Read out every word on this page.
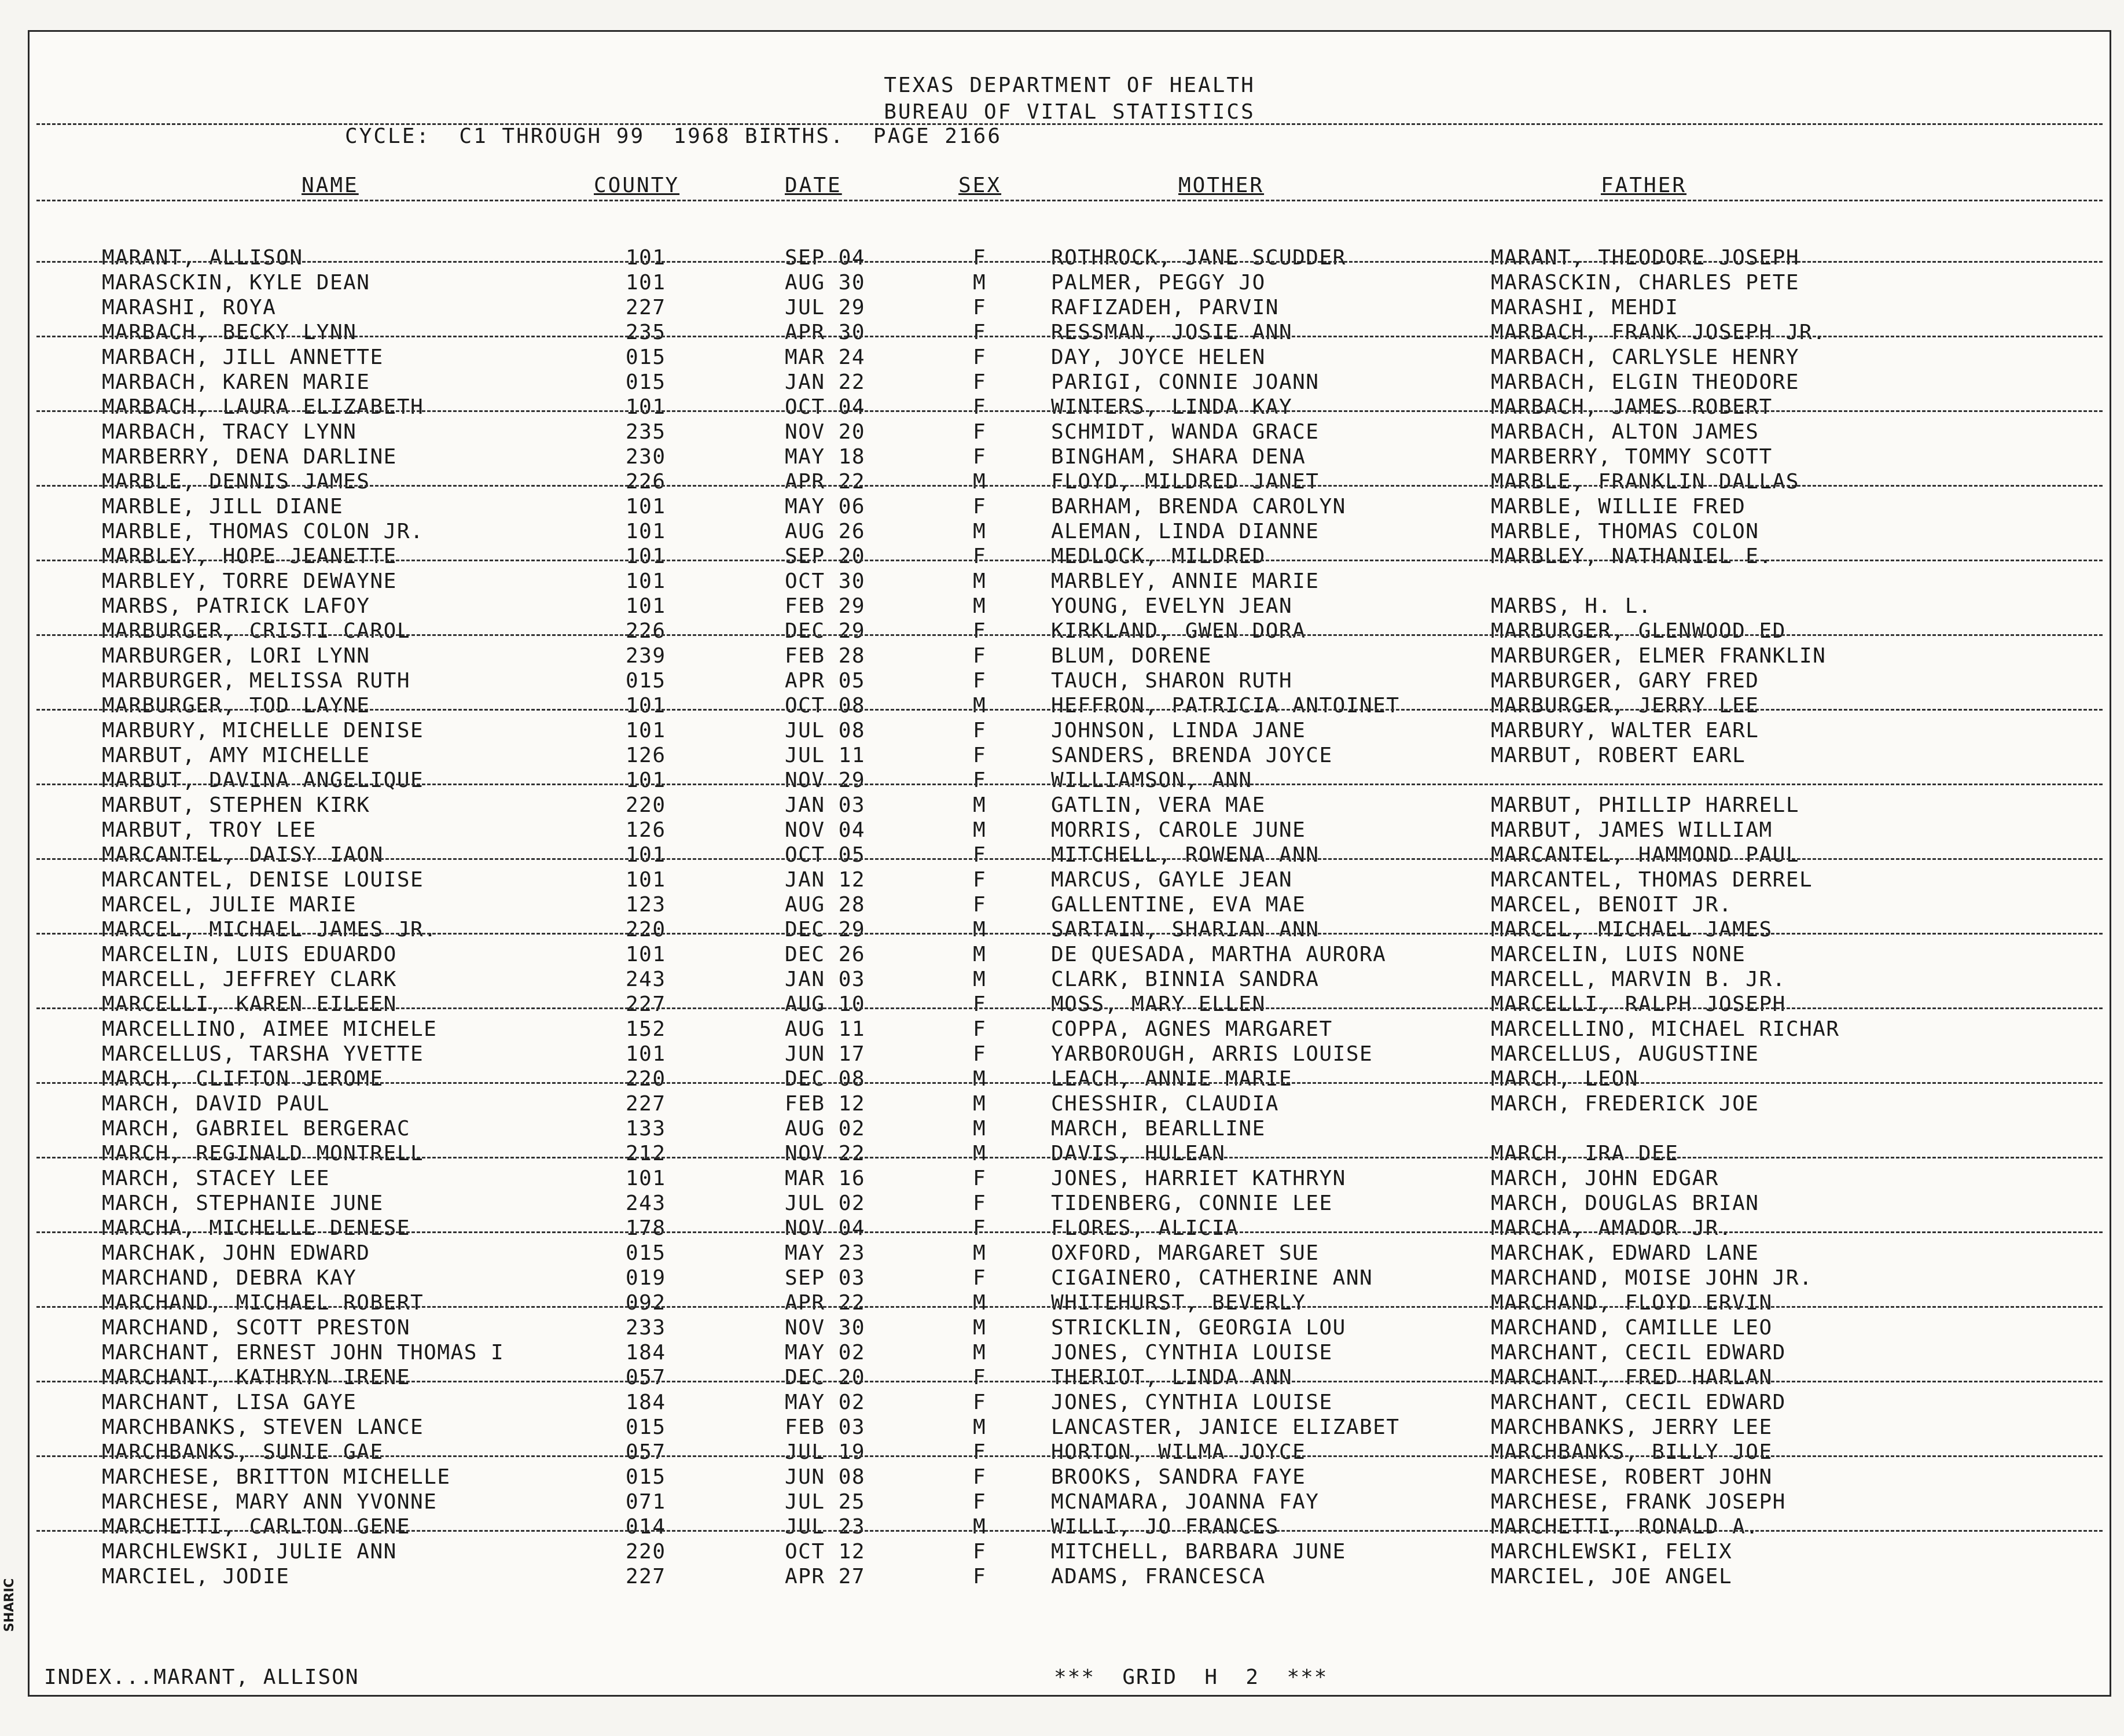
TEXAS DEPARTMENT OF HEALTH
BUREAU OF VITAL STATISTICS
CYCLE:  C1 THROUGH 99  1968 BIRTHS.  PAGE 2166
NAME	COUNTY	DATE	SEX	MOTHER	FATHER
MARANT, ALLISON	101	SEP 04	F	ROTHROCK, JANE SCUDDER	MARANT, THEODORE JOSEPH
MARASCKIN, KYLE DEAN	101	AUG 30	M	PALMER, PEGGY JO	MARASCKIN, CHARLES PETE
MARASHI, ROYA	227	JUL 29	F	RAFIZADEH, PARVIN	MARASHI, MEHDI
MARBACH, BECKY LYNN	235	APR 30	F	RESSMAN, JOSIE ANN	MARBACH, FRANK JOSEPH JR.
MARBACH, JILL ANNETTE	015	MAR 24	F	DAY, JOYCE HELEN	MARBACH, CARLYSLE HENRY
MARBACH, KAREN MARIE	015	JAN 22	F	PARIGI, CONNIE JOANN	MARBACH, ELGIN THEODORE
MARBACH, LAURA ELIZABETH	101	OCT 04	F	WINTERS, LINDA KAY	MARBACH, JAMES ROBERT
MARBACH, TRACY LYNN	235	NOV 20	F	SCHMIDT, WANDA GRACE	MARBACH, ALTON JAMES
MARBERRY, DENA DARLINE	230	MAY 18	F	BINGHAM, SHARA DENA	MARBERRY, TOMMY SCOTT
MARBLE, DENNIS JAMES	226	APR 22	M	FLOYD, MILDRED JANET	MARBLE, FRANKLIN DALLAS
MARBLE, JILL DIANE	101	MAY 06	F	BARHAM, BRENDA CAROLYN	MARBLE, WILLIE FRED
MARBLE, THOMAS COLON JR.	101	AUG 26	M	ALEMAN, LINDA DIANNE	MARBLE, THOMAS COLON
MARBLEY, HOPE JEANETTE	101	SEP 20	F	MEDLOCK, MILDRED	MARBLEY, NATHANIEL E.
MARBLEY, TORRE DEWAYNE	101	OCT 30	M	MARBLEY, ANNIE MARIE
MARBS, PATRICK LAFOY	101	FEB 29	M	YOUNG, EVELYN JEAN	MARBS, H. L.
MARBURGER, CRISTI CAROL	226	DEC 29	F	KIRKLAND, GWEN DORA	MARBURGER, GLENWOOD ED
MARBURGER, LORI LYNN	239	FEB 28	F	BLUM, DORENE	MARBURGER, ELMER FRANKLIN
MARBURGER, MELISSA RUTH	015	APR 05	F	TAUCH, SHARON RUTH	MARBURGER, GARY FRED
MARBURGER, TOD LAYNE	101	OCT 08	M	HEFFRON, PATRICIA ANTOINET	MARBURGER, JERRY LEE
MARBURY, MICHELLE DENISE	101	JUL 08	F	JOHNSON, LINDA JANE	MARBURY, WALTER EARL
MARBUT, AMY MICHELLE	126	JUL 11	F	SANDERS, BRENDA JOYCE	MARBUT, ROBERT EARL
MARBUT, DAVINA ANGELIQUE	101	NOV 29	F	WILLIAMSON, ANN
MARBUT, STEPHEN KIRK	220	JAN 03	M	GATLIN, VERA MAE	MARBUT, PHILLIP HARRELL
MARBUT, TROY LEE	126	NOV 04	M	MORRIS, CAROLE JUNE	MARBUT, JAMES WILLIAM
MARCANTEL, DAISY IAON	101	OCT 05	F	MITCHELL, ROWENA ANN	MARCANTEL, HAMMOND PAUL
MARCANTEL, DENISE LOUISE	101	JAN 12	F	MARCUS, GAYLE JEAN	MARCANTEL, THOMAS DERREL
MARCEL, JULIE MARIE	123	AUG 28	F	GALLENTINE, EVA MAE	MARCEL, BENOIT JR.
MARCEL, MICHAEL JAMES JR.	220	DEC 29	M	SARTAIN, SHARIAN ANN	MARCEL, MICHAEL JAMES
MARCELIN, LUIS EDUARDO	101	DEC 26	M	DE QUESADA, MARTHA AURORA	MARCELIN, LUIS NONE
MARCELL, JEFFREY CLARK	243	JAN 03	M	CLARK, BINNIA SANDRA	MARCELL, MARVIN B. JR.
MARCELLI, KAREN EILEEN	227	AUG 10	F	MOSS, MARY ELLEN	MARCELLI, RALPH JOSEPH
MARCELLINO, AIMEE MICHELE	152	AUG 11	F	COPPA, AGNES MARGARET	MARCELLINO, MICHAEL RICHAR
MARCELLUS, TARSHA YVETTE	101	JUN 17	F	YARBOROUGH, ARRIS LOUISE	MARCELLUS, AUGUSTINE
MARCH, CLIFTON JEROME	220	DEC 08	M	LEACH, ANNIE MARIE	MARCH, LEON
MARCH, DAVID PAUL	227	FEB 12	M	CHESSHIR, CLAUDIA	MARCH, FREDERICK JOE
MARCH, GABRIEL BERGERAC	133	AUG 02	M	MARCH, BEARLLINE
MARCH, REGINALD MONTRELL	212	NOV 22	M	DAVIS, HULEAN	MARCH, IRA DEE
MARCH, STACEY LEE	101	MAR 16	F	JONES, HARRIET KATHRYN	MARCH, JOHN EDGAR
MARCH, STEPHANIE JUNE	243	JUL 02	F	TIDENBERG, CONNIE LEE	MARCH, DOUGLAS BRIAN
MARCHA, MICHELLE DENESE	178	NOV 04	F	FLORES, ALICIA	MARCHA, AMADOR JR.
MARCHAK, JOHN EDWARD	015	MAY 23	M	OXFORD, MARGARET SUE	MARCHAK, EDWARD LANE
MARCHAND, DEBRA KAY	019	SEP 03	F	CIGAINERO, CATHERINE ANN	MARCHAND, MOISE JOHN JR.
MARCHAND, MICHAEL ROBERT	092	APR 22	M	WHITEHURST, BEVERLY	MARCHAND, FLOYD ERVIN
MARCHAND, SCOTT PRESTON	233	NOV 30	M	STRICKLIN, GEORGIA LOU	MARCHAND, CAMILLE LEO
MARCHANT, ERNEST JOHN THOMAS I	184	MAY 02	M	JONES, CYNTHIA LOUISE	MARCHANT, CECIL EDWARD
MARCHANT, KATHRYN IRENE	057	DEC 20	F	THERIOT, LINDA ANN	MARCHANT, FRED HARLAN
MARCHANT, LISA GAYE	184	MAY 02	F	JONES, CYNTHIA LOUISE	MARCHANT, CECIL EDWARD
MARCHBANKS, STEVEN LANCE	015	FEB 03	M	LANCASTER, JANICE ELIZABET	MARCHBANKS, JERRY LEE
MARCHBANKS, SUNIE GAE	057	JUL 19	F	HORTON, WILMA JOYCE	MARCHBANKS, BILLY JOE
MARCHESE, BRITTON MICHELLE	015	JUN 08	F	BROOKS, SANDRA FAYE	MARCHESE, ROBERT JOHN
MARCHESE, MARY ANN YVONNE	071	JUL 25	F	MCNAMARA, JOANNA FAY	MARCHESE, FRANK JOSEPH
MARCHETTI, CARLTON GENE	014	JUL 23	M	WILLI, JO FRANCES	MARCHETTI, RONALD A.
MARCHLEWSKI, JULIE ANN	220	OCT 12	F	MITCHELL, BARBARA JUNE	MARCHLEWSKI, FELIX
MARCIEL, JODIE	227	APR 27	F	ADAMS, FRANCESCA	MARCIEL, JOE ANGEL
INDEX...MARANT, ALLISON	***  GRID  H  2  ***
SHARIC
